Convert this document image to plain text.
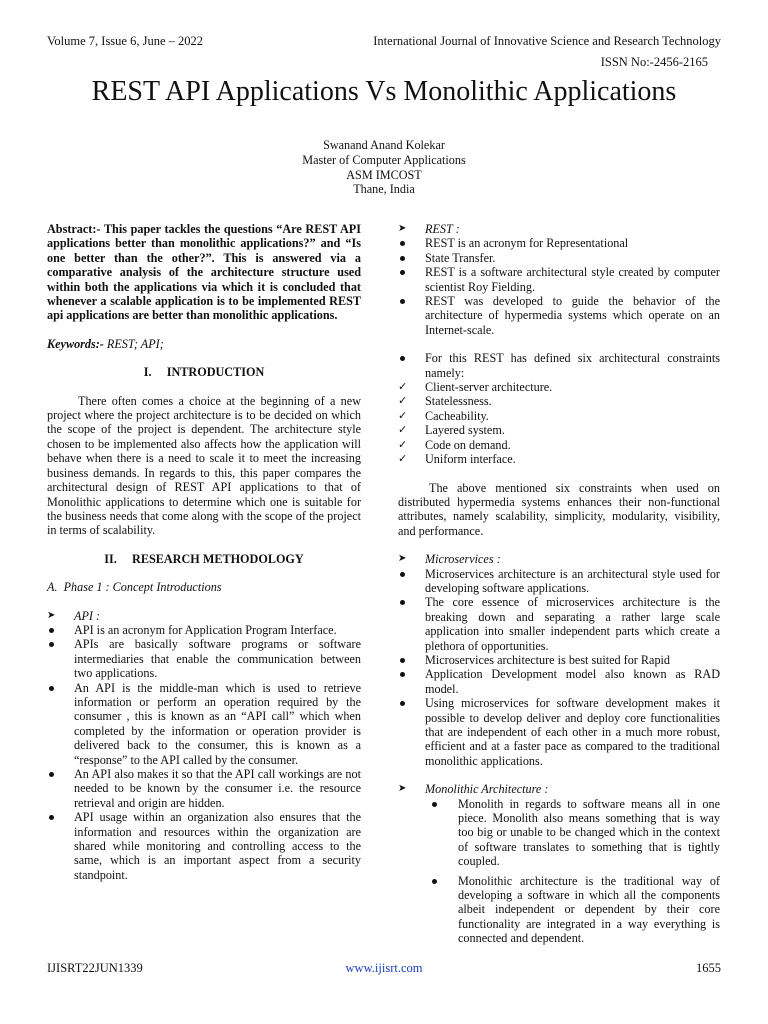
Volume 7, Issue 6, June – 2022	International Journal of Innovative Science and Research Technology
ISSN No:-2456-2165
REST API Applications Vs Monolithic Applications
Swanand Anand Kolekar
Master of Computer Applications
ASM IMCOST
Thane, India

Abstract:- This paper tackles the questions “Are REST API applications better than monolithic applications?” and “Is one better than the other?”. This is answered via a comparative analysis of the architecture structure used within both the applications via which it is concluded that whenever a scalable application is to be implemented REST api applications are better than monolithic applications.

Keywords:- REST; API;

I.     INTRODUCTION

There often comes a choice at the beginning of a new project where the project architecture is to be decided on which the scope of the project is dependent. The architecture style chosen to be implemented also affects how the application will behave when there is a need to scale it to meet the increasing business demands. In regards to this, this paper compares the architectural design of REST API applications to that of Monolithic applications to determine which one is suitable for the business needs that come along with the scope of the project in terms of scalability.

II.     RESEARCH METHODOLOGY

A.  Phase 1 : Concept Introductions

➤	API :
API is an acronym for Application Program Interface.
APIs are basically software programs or software intermediaries that enable the communication between two applications.
An API is the middle-man which is used to retrieve information or perform an operation required by the consumer , this is known as an “API call” which when completed by the information or operation provider is delivered back to the consumer, this is known as a “response” to the API called by the consumer.
An API also makes it so that the API call workings are not needed to be known by the consumer i.e. the resource retrieval and origin are hidden.
API usage within an organization also ensures that the information and resources within the organization are shared while monitoring and controlling access to the same, which is an important aspect from a security standpoint.
➤	REST :
REST is an acronym for Representational
State Transfer.
REST is a software architectural style created by computer scientist Roy Fielding.
REST was developed to guide the behavior of the architecture of hypermedia systems which operate on an Internet-scale.
For this REST has defined six architectural constraints namely:
✓	Client-server architecture.
✓	Statelessness.
✓	Cacheability.
✓	Layered system.
✓	Code on demand.
✓	Uniform interface.

The above mentioned six constraints when used on distributed hypermedia systems enhances their non-functional attributes, namely scalability, simplicity, modularity, visibility, and performance.

➤	Microservices :
Microservices architecture is an architectural style used for developing software applications.
The core essence of microservices architecture is the breaking down and separating a rather large scale application into smaller independent parts which create a plethora of opportunities.
Microservices architecture is best suited for Rapid
Application Development model also known as RAD model.
Using microservices for software development makes it possible to develop deliver and deploy core functionalities that are independent of each other in a much more robust, efficient and at a faster pace as compared to the traditional monolithic applications.
➤	Monolithic Architecture :
Monolith in regards to software means all in one piece. Monolith also means something that is way too big or unable to be changed which in the context of software translates to something that is tightly coupled.
Monolithic architecture is the traditional way of developing a software in which all the components albeit independent or dependent by their core functionality are integrated in a way everything is connected and dependent.
IJISRT22JUN1339	www.ijisrt.com	1655
